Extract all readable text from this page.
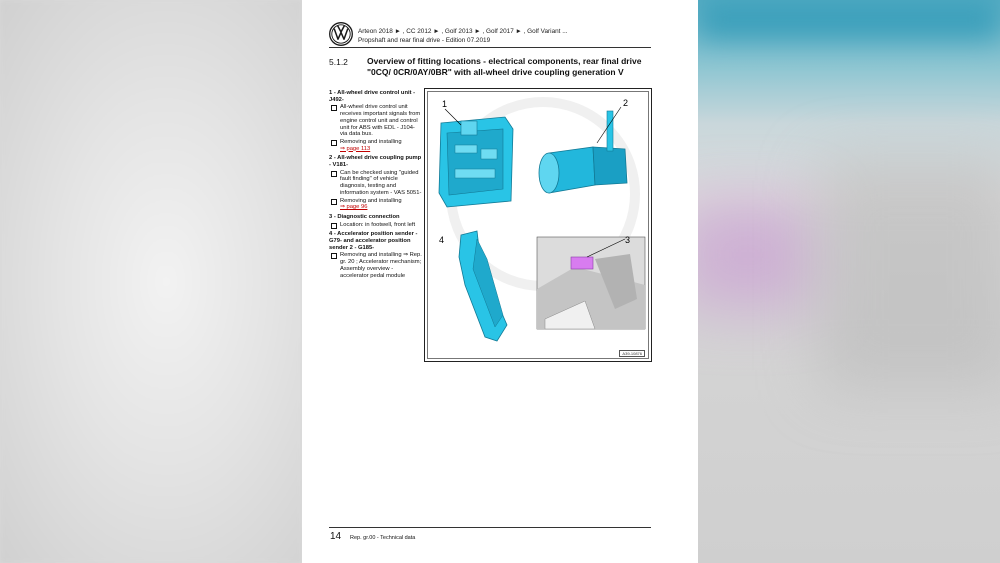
Arteon 2018 ► , CC 2012 ► , Golf 2013 ► , Golf 2017 ► , Golf Variant ...
Propshaft and rear final drive - Edition 07.2019
5.1.2 Overview of fitting locations - electrical components, rear final drive "0CQ/ 0CR/0AY/0BR" with all-wheel drive coupling generation V
1 - All-wheel drive control unit - J492-
All-wheel drive control unit receives important signals from engine control unit and control unit for ABS with EDL - J104- via data bus.
Removing and installing
⇒ page 113
2 - All-wheel drive coupling pump - V181-
Can be checked using "guided fault finding" of vehicle diagnosis, testing and information system - VAS 5051-
Removing and installing
⇒ page 96
3 - Diagnostic connection
Location: in footwell, front left
4 - Accelerator position sender - G79- and accelerator position sender 2 - G185-
Removing and installing ⇒ Rep. gr. 20 ; Accelerator mechanism; Assembly overview - accelerator pedal module
1	2
3
4
A39-10876
14 Rep. gr.00 - Technical data
